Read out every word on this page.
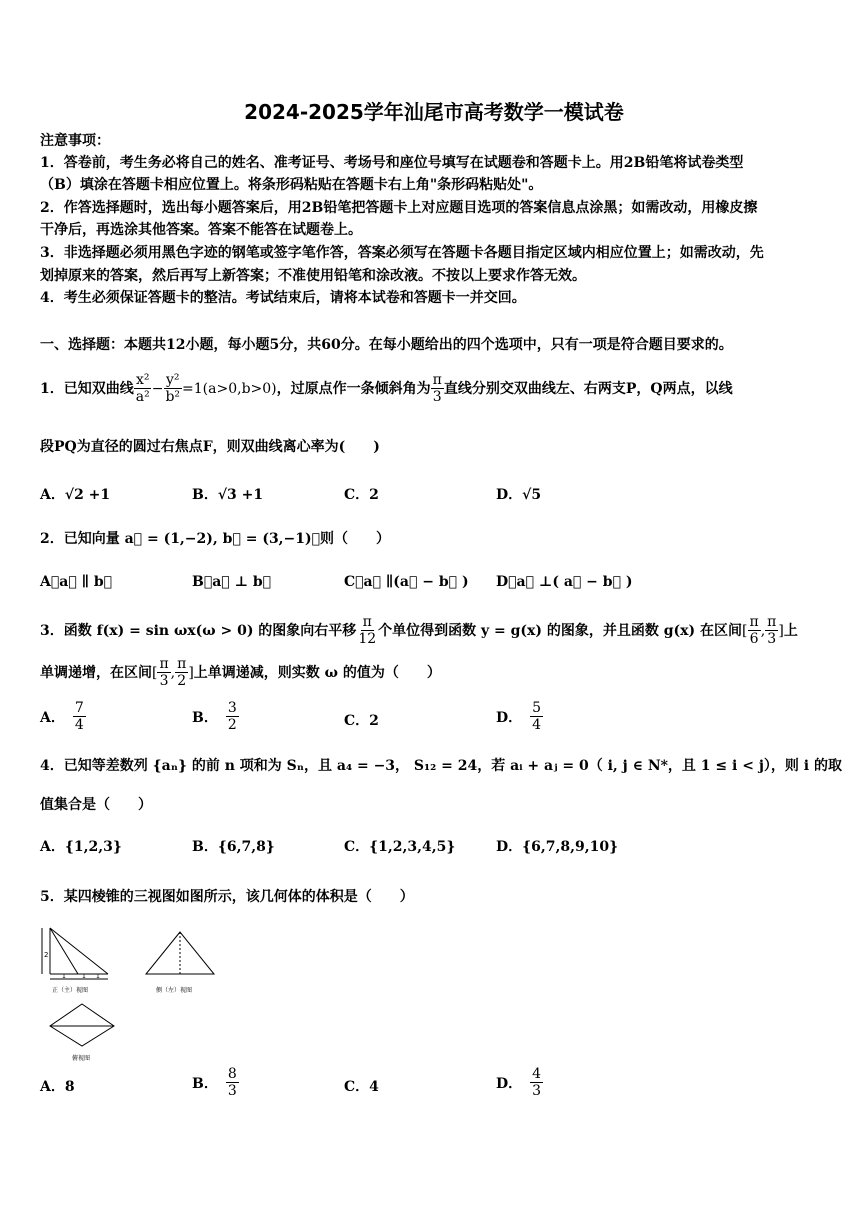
2024-2025学年汕尾市高考数学一模试卷
注意事项：
1．答卷前，考生务必将自己的姓名、准考证号、考场号和座位号填写在试题卷和答题卡上。用2B铅笔将试卷类型
（B）填涂在答题卡相应位置上。将条形码粘贴在答题卡右上角"条形码粘贴处"。
2．作答选择题时，选出每小题答案后，用2B铅笔把答题卡上对应题目选项的答案信息点涂黑；如需改动，用橡皮擦
干净后，再选涂其他答案。答案不能答在试题卷上。
3．非选择题必须用黑色字迹的钢笔或签字笔作答，答案必须写在答题卡各题目指定区域内相应位置上；如需改动，先
划掉原来的答案，然后再写上新答案；不准使用铅笔和涂改液。不按以上要求作答无效。
4．考生必须保证答题卡的整洁。考试结束后，请将本试卷和答题卡一并交回。
一、选择题：本题共12小题，每小题5分，共60分。在每小题给出的四个选项中，只有一项是符合题目要求的。
1．已知双曲线 $\frac{\text{x²}}{\text{a²}} - \frac{\text{y²}}{\text{b²}} =1(a>0,b>0)$ ，过原点作一条倾斜角为 $\frac{\pi}{3}$ 直线分别交双曲线左、右两支P，Q两点，以线
段PQ为直径的圆过右焦点F，则双曲线离心率为(　　)
A．√2 +1	B．√3 +1	C．2	D．√5
2．已知向量 a⃗ = (1,−2), b⃗ = (3,−1)，则（　　）
A．a⃗ ∥ b⃗	B．a⃗ ⊥ b⃗	C．a⃗ ∥(a⃗ − b⃗ ) D．a⃗ ⊥( a⃗ − b⃗ )
3．函数 f(x) = sin ωx(ω > 0) 的图象向右平移 $\frac{\pi}{12}$ 个单位得到函数 y = g(x) 的图象，并且函数 g(x) 在区间 [ $\frac{\pi}{6}$ , $\frac{\pi}{3}$ ] 上
单调递增，在区间 [ $\frac{\pi}{3}$ , $\frac{\pi}{2}$ ] 上单调递减，则实数 ω 的值为（　　）
A． $\frac{7}{4}$	B． $\frac{3}{2}$	C．2	D． $\frac{5}{4}$
4．已知等差数列 {aₙ} 的前 n 项和为 Sₙ，且 a₄ = −3， S₁₂ = 24，若 aᵢ + aⱼ = 0（ i, j ∈ N*，且 1 ≤ i < j），则 i 的取
值集合是（　　）
A．{1,2,3}	B．{6,7,8}	C．{1,2,3,4,5}	D．{6,7,8,9,10}
5．某四棱锥的三视图如图所示，该几何体的体积是（　　）
2
1	1 1
正（主）视图	侧（左）视图
俯视图
A．8	B． $\frac{8}{3}$	C．4	D． $\frac{4}{3}$
